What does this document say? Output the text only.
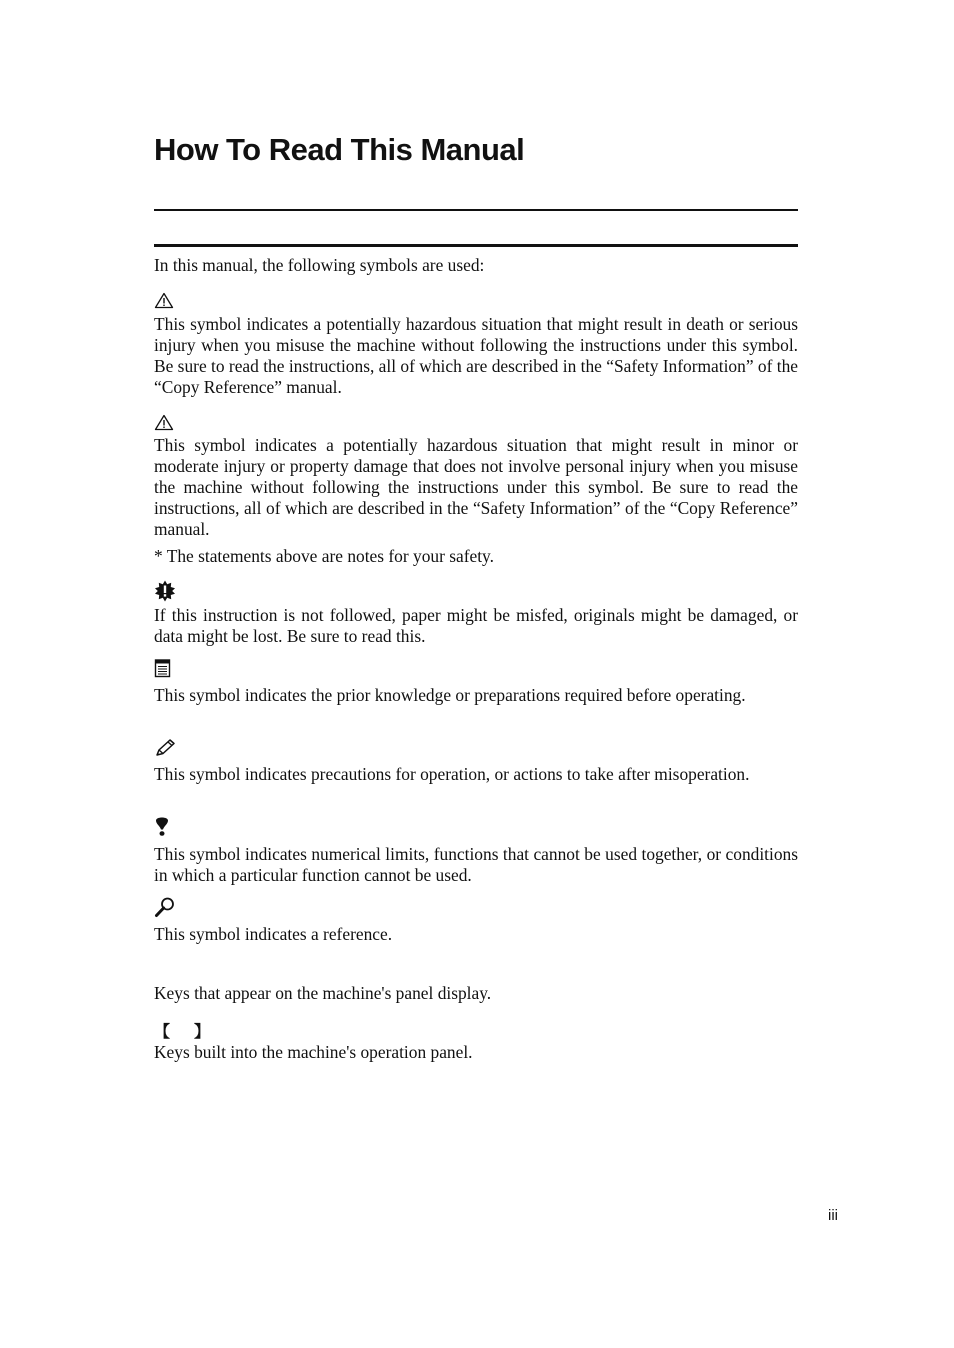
How To Read This Manual

In this manual, the following symbols are used:

This symbol indicates a potentially hazardous situation that might result in death or serious injury when you misuse the machine without following the instructions under this symbol. Be sure to read the instructions, all of which are described in the “Safety Information” of the “Copy Reference” manual.

This symbol indicates a potentially hazardous situation that might result in minor or moderate injury or property damage that does not involve personal injury when you misuse the machine without following the instructions under this symbol. Be sure to read the instructions, all of which are described in the “Safety Information” of the “Copy Reference” manual.

* The statements above are notes for your safety.

If this instruction is not followed, paper might be misfed, originals might be damaged, or data might be lost. Be sure to read this.

This symbol indicates the prior knowledge or preparations required before operating.

This symbol indicates precautions for operation, or actions to take after misoperation.

This symbol indicates numerical limits, functions that cannot be used together, or conditions in which a particular function cannot be used.

This symbol indicates a reference.

Keys that appear on the machine's panel display.

【 】

Keys built into the machine's operation panel.

iii
